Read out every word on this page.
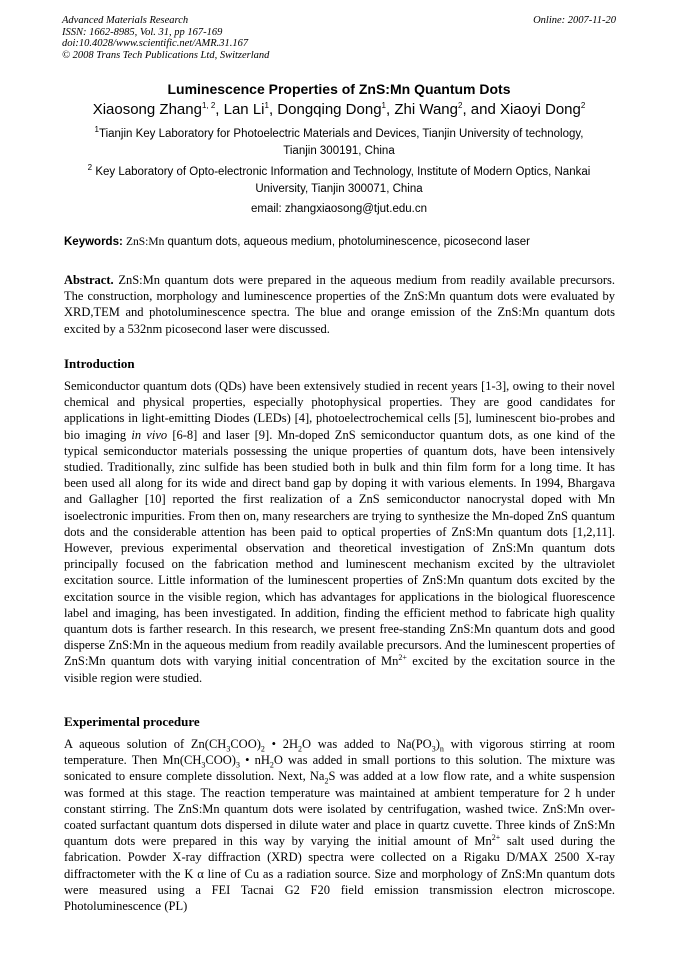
Advanced Materials Research
ISSN: 1662-8985, Vol. 31, pp 167-169
doi:10.4028/www.scientific.net/AMR.31.167
© 2008 Trans Tech Publications Ltd, Switzerland
Online: 2007-11-20
Luminescence Properties of ZnS:Mn Quantum Dots
Xiaosong Zhang$^{1, 2}$, Lan Li$^1$, Dongqing Dong$^1$, Zhi Wang$^2$, and Xiaoyi Dong$^2$
$^1$Tianjin Key Laboratory for Photoelectric Materials and Devices, Tianjin University of technology,
Tianjin 300191, China
$^2$ Key Laboratory of Opto-electronic Information and Technology, Institute of Modern Optics, Nankai
University, Tianjin 300071, China
email: zhangxiaosong@tjut.edu.cn
Keywords: ZnS:Mn quantum dots, aqueous medium, photoluminescence, picosecond laser
Abstract. ZnS:Mn quantum dots were prepared in the aqueous medium from readily available precursors. The construction, morphology and luminescence properties of the ZnS:Mn quantum dots were evaluated by XRD,TEM and photoluminescence spectra. The blue and orange emission of the ZnS:Mn quantum dots excited by a 532nm picosecond laser were discussed.
Introduction
Semiconductor quantum dots (QDs) have been extensively studied in recent years [1-3], owing to their novel chemical and physical properties, especially photophysical properties. They are good candidates for applications in light-emitting Diodes (LEDs) [4], photoelectrochemical cells [5], luminescent bio-probes and bio imaging in vivo [6-8] and laser [9]. Mn-doped ZnS semiconductor quantum dots, as one kind of the typical semiconductor materials possessing the unique properties of quantum dots, have been intensively studied. Traditionally, zinc sulfide has been studied both in bulk and thin film form for a long time. It has been used all along for its wide and direct band gap by doping it with various elements. In 1994, Bhargava and Gallagher [10] reported the first realization of a ZnS semiconductor nanocrystal doped with Mn isoelectronic impurities. From then on, many researchers are trying to synthesize the Mn-doped ZnS quantum dots and the considerable attention has been paid to optical properties of ZnS:Mn quantum dots [1,2,11]. However, previous experimental observation and theoretical investigation of ZnS:Mn quantum dots principally focused on the fabrication method and luminescent mechanism excited by the ultraviolet excitation source. Little information of the luminescent properties of ZnS:Mn quantum dots excited by the excitation source in the visible region, which has advantages for applications in the biological fluorescence label and imaging, has been investigated. In addition, finding the efficient method to fabricate high quality quantum dots is farther research. In this research, we present free-standing ZnS:Mn quantum dots and good disperse ZnS:Mn in the aqueous medium from readily available precursors. And the luminescent properties of ZnS:Mn quantum dots with varying initial concentration of $Mn^{2+}$ excited by the excitation source in the visible region were studied.
Experimental procedure
A aqueous solution of $Zn(CH_3COO)_2$ • $2H_2O$ was added to $Na(PO_3)_n$ with vigorous stirring at room temperature. Then $Mn(CH_3COO)_3$ • $nH_2O$ was added in small portions to this solution. The mixture was sonicated to ensure complete dissolution. Next, $Na_2S$ was added at a low flow rate, and a white suspension was formed at this stage. The reaction temperature was maintained at ambient temperature for 2 h under constant stirring. The ZnS:Mn quantum dots were isolated by centrifugation, washed twice. ZnS:Mn over-coated surfactant quantum dots dispersed in dilute water and place in quartz cuvette. Three kinds of ZnS:Mn quantum dots were prepared in this way by varying the initial amount of $Mn^{2+}$ salt used during the fabrication. Powder X-ray diffraction (XRD) spectra were collected on a Rigaku D/MAX 2500 X-ray diffractometer with the K α line of Cu as a radiation source. Size and morphology of ZnS:Mn quantum dots were measured using a FEI Tacnai G2 F20 field emission transmission electron microscope. Photoluminescence (PL)
